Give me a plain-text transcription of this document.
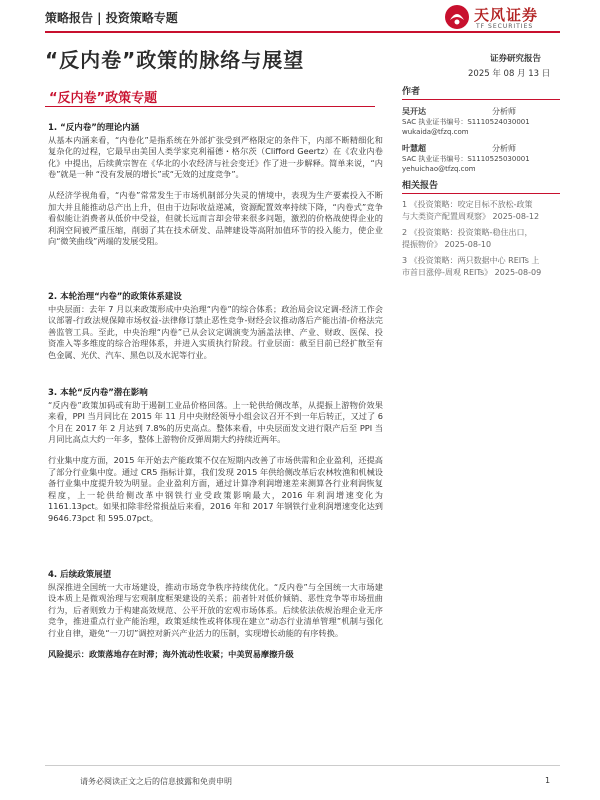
策略报告 | 投资策略专题	天风证券
TF SECURITIES
“反内卷”政策的脉络与展望
“反内卷”政策专题
证券研究报告
2025 年 08 月 13 日
作者
吴开达	分析师
SAC 执业证书编号：S1110524030001
wukaida@tfzq.com
叶慧超	分析师
SAC 执业证书编号：S1110525030001
yehuichao@tfzq.com
相关报告
1 《投资策略：咬定目标不放松-政策
与大类资产配置周观察》 2025-08-12
2 《投资策略：投资策略-稳住出口，
提振物价》 2025-08-10
3 《投资策略：两只数据中心 REITs 上
市首日涨停-周观 REITs》 2025-08-09
1. “反内卷”的理论内涵
从基本内涵来看，“内卷化”是指系统在外部扩张受到严格限定的条件下，内部不断精细化和复杂化的过程，它最早由美国人类学家克利福德・格尔茨（Clifford Geertz）在《农业内卷化》中提出，后续黄宗智在《华北的小农经济与社会变迁》作了进一步解释。简单来说，“内卷”就是一种 “没有发展的增长”或“无效的过度竞争”。
从经济学视角看，“内卷”常常发生于市场机制部分失灵的情境中，表现为生产要素投入不断加大并且能推动总产出上升，但由于边际收益递减，资源配置效率持续下降，“内卷式”竞争看似能让消费者从低价中受益，但就长远而言却会带来很多问题，激烈的价格战使得企业的利润空间被严重压缩，削弱了其在技术研发、品牌建设等高附加值环节的投入能力，使企业向“微笑曲线”两端的发展受阻。
2. 本轮治理“内卷”的政策体系建设
中央层面：去年 7 月以来政策形成中央治理“内卷”的综合体系；政治局会议定调-经济工作会议部署-行政法规保障市场权益-法律修订禁止恶性竞争-财经会议推动落后产能出清-价格法完善监管工具。至此，中央治理“内卷”已从会议定调演变为涵盖法律、产业、财政、医保、投资准入等多维度的综合治理体系，并进入实质执行阶段。行业层面：截至目前已经扩散至有色金属、光伏、汽车、黑色以及水泥等行业。
3. 本轮“反内卷”潜在影响
“反内卷”政策加码或有助于遏制工业品价格回落。上一轮供给侧改革，从提振上游物价效果来看，PPI 当月同比在 2015 年 11 月中央财经领导小组会议召开不到一年后转正，又过了 6 个月在 2017 年 2 月达到 7.8%的历史高点。整体来看，中央层面发文进行限产后至 PPI 当月同比高点大约一年多，整体上游物价反弹周期大约持续近两年。
行业集中度方面，2015 年开始去产能政策不仅在短期内改善了市场供需和企业盈利，还提高了部分行业集中度。通过 CR5 指标计算，我们发现 2015 年供给侧改革后农林牧渔和机械设备行业集中度提升较为明显。企业盈利方面，通过计算净利润增速差来测算各行业利润恢复程度，上一轮供给侧改革中钢铁行业受政策影响最大，2016 年利润增速变化为 1161.13pct。如果扣除非经常损益后来看，2016 年和 2017 年钢铁行业利润增速变化达到 9646.73pct 和 595.07pct。
4. 后续政策展望
纵深推进全国统一大市场建设，推动市场竞争秩序持续优化。“反内卷”与全国统一大市场建设本质上是微观治理与宏观制度框架建设的关系；前者针对低价倾销、恶性竞争等市场扭曲行为，后者则致力于构建高效规范、公平开放的宏观市场体系。后续依法依规治理企业无序竞争，推进重点行业产能治理，政策延续性或将体现在建立“动态行业清单管理”机制与强化行业自律，避免“一刀切”调控对新兴产业活力的压制，实现增长动能的有序转换。
风险提示：政策落地存在时滞；海外流动性收紧；中美贸易摩擦升级
请务必阅读正文之后的信息披露和免责申明	1
